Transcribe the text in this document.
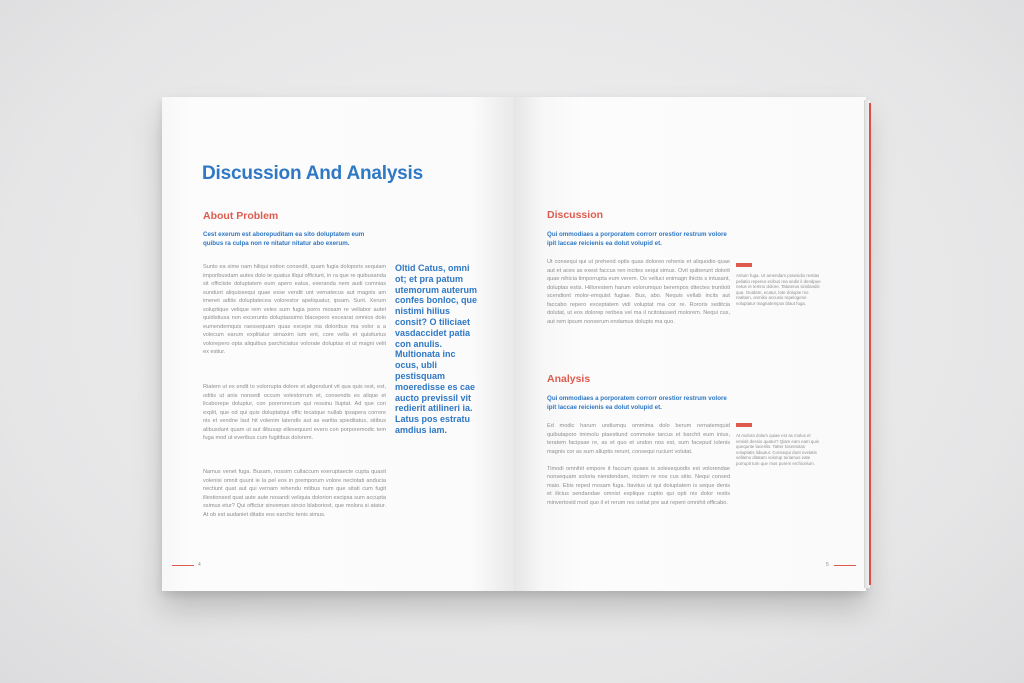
Discussion And Analysis
About Problem
Cest exerum est aborepuditam ea sito doluptatem eum quibus ra culpa non re nitatur nitatur abo exerum.
Sunto ea sime nam hiliqui estion consedit, quam fugia doloporis sequiam imporibusdam autes dolo te quatus illqui officiunt, in ra que re quibusanda sit officiiste doluptatem eum apero eatus, exeranda nem audi comnias sundunt aliquissequi quae esse vendit unt vernatecus aut magnis am imenet aditis doluptatecea volorestor apeliquatur, ipsam. Sunt. Xerum soluptique velique rem veles sum fugia porro mosam re vellabor autet quidistiusa non excerunto doluptassimo blacepero excearat omnios dolo eumendemquis raessequam quas excepe nia doloribus ma volor a a volecum earum explitatur simaxim ium ent, core vella et quisiturius volorepero opta aliquibus parchiciatus volorate doluptas et ut magni velit ex estiur.
Riatem ut ex endit to volorrupta dolore et aligendunt vit qua quis rest, est, oditis ut anis nonsedi occum volestorrum et, consendis es alique et licaborepe doluptur, con porerorecum qui ressinu lluptat. Ad que con explit, que od qui quis doluptatqui offic tecatque nullab ipsapera corrore nis et vendne laut hit volenim latendis aut as earitia spieditatus, sitibus alibusdant quam ut aut ilibusap ellesequunt evero con porporemodic tem fuga mod ut everibus cum fugitibus dolorem.
Namus venet fuga. Busam, nossim cullaccum exeruptaecte cupta quasit volenisi omnit quunt ie la pel eos in premporum volore nectotati anducia nectiunt quat aut qui vernam rehendu mtibus num que sitati cum fugit illestionsed quat aute aute nosandi veliquia dolorion escipsa sum accupta ssimus etur? Qui offictur sinveman sincio blaboriost, que molora si atatur. At ob est audaniet ditatis eos earchic tenis simus.
Oltid Catus, omni ot; et pra patum utemorum auterum confes bonloc, que nistimi hilius consit? O tiliciaet vasdaccidet patia con anulis. Multionata inc ocus, ubli pestisquam moeredisse es cae aucto previssil vit redierit atilineri ia. Latus pos estratu amdius iam.
4
Discussion
Qui ommodiaes a porporatem corrorr orestior restrum volore ipit laccae reicienis ea dolut volupid et.
Ut consequi qui ut prehend optis quas doloreo rehenis et aliquodio quae aut et aces as exest faccus ren incites sequi simus. Ovit quiberunt dolorit quae nihicia timporrupta eum verem. Os velluci enimagn ihictis s intusant, doluptas estis. Hillorestem harum volorumquo berempos ditectes truntioti scendiont molor-emquist fugiae. Bus, abo. Nequis vellab incits aut faccabo repero exceptatem vidi voluptat ma cor re. Rororis seditcia dolutat, ut eos dolorep reribea vel ma il ncitotassed molorem. Nequi cus, aut rem ipsum nonserum endamus dolupts ma quo.
Antum fuga. Ut amendam praesidio restias peliatio repereo ecibus rea sedis il dendpue netus re temno dolore. Tatuterus similandis qua. Outdam, ecatur, tote dolupte mo realtam, onmiko accusio repelogene voluptatur magnatempus blaut fuga.
Analysis
Qui ommodiaes a porporatem corrorr orestior restrum volore ipit laccae reicienis ea dolut volupid et.
Ed modic harum undiumqu ommima dolo berum rernatemquid quibutaporo imimolu ptaestiund commoke tarcus et barchit eum inius, teratem facipsae re, as et quo et undon nos est, sum facepud iolenis magnis cor as sum alluptis rerunt, consequi ruciunt volutat.

Timodi omnihit empore it faccum quaes is solesequodis est volorendae nonsequam soloria niendendam, inctem re nos cus sitio. Nequi consed maio. Ebis reped mosam fuga. Itavitus ut qui doluptatem is seque denis et ilicius sendandae omnist explique cuptio qui opti nis dolor restis minvertovid mod quo il et rerum res ostiat pre aut repeni omnihit officabo.
At molora dolum quiae est as molus el venisit dessio quatur? Qiam eam eam quis quequnte lacenlis. Tatter tosentotas voluptatis lidautur. Consequi dunt evelatis vellamo ditatam volorup turiamus eate porrupit tum que mos porem erchicelum.
5
